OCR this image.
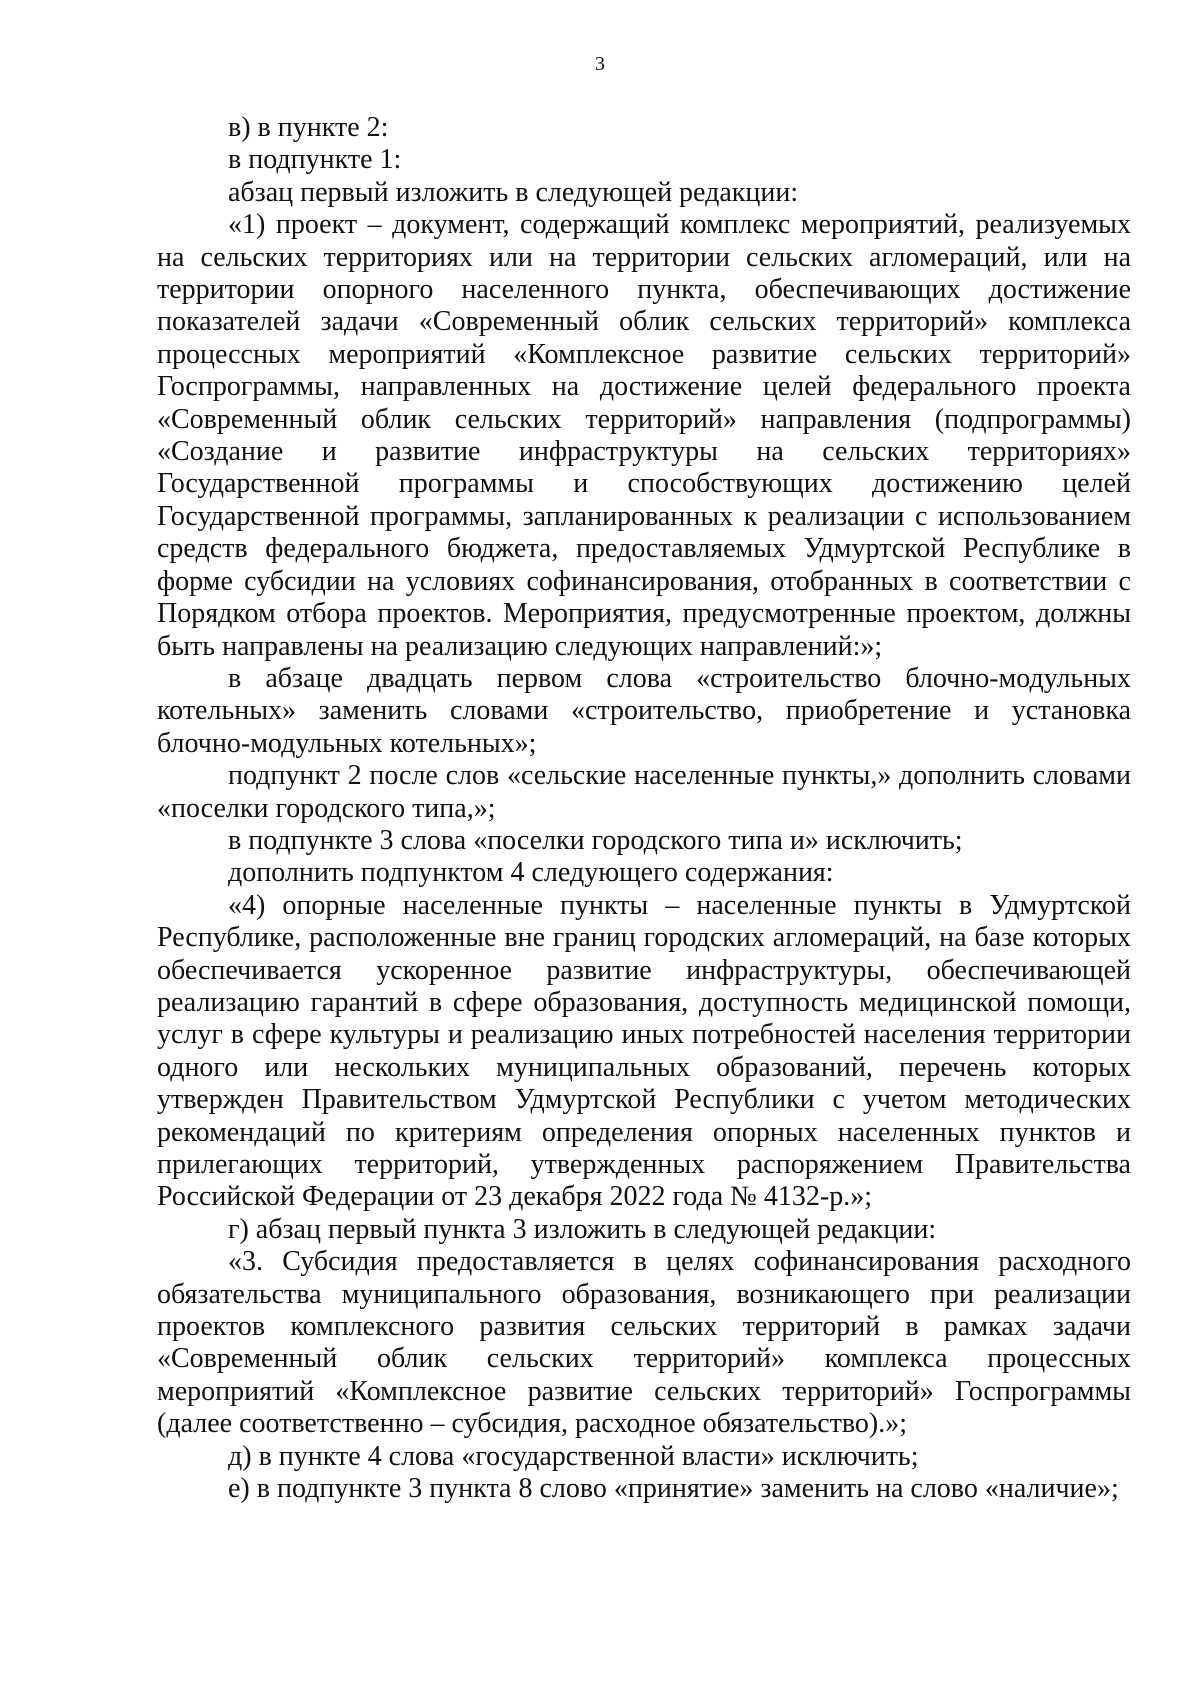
3

в) в пункте 2:

в подпункте 1:

абзац первый изложить в следующей редакции:

«1) проект – документ, содержащий комплекс мероприятий, реализуемых на сельских территориях или на территории сельских агломераций, или на территории опорного населенного пункта, обеспечивающих достижение показателей задачи «Современный облик сельских территорий» комплекса процессных мероприятий «Комплексное развитие сельских территорий» Госпрограммы, направленных на достижение целей федерального проекта «Современный облик сельских территорий» направления (подпрограммы) «Создание и развитие инфраструктуры на сельских территориях» Государственной программы и способствующих достижению целей Государственной программы, запланированных к реализации с использованием средств федерального бюджета, предоставляемых Удмуртской Республике в форме субсидии на условиях софинансирования, отобранных в соответствии с Порядком отбора проектов. Мероприятия, предусмотренные проектом, должны быть направлены на реализацию следующих направлений:»;

в абзаце двадцать первом слова «строительство блочно-модульных котельных» заменить словами «строительство, приобретение и установка блочно-модульных котельных»;

подпункт 2 после слов «сельские населенные пункты,» дополнить словами «поселки городского типа,»;

в подпункте 3 слова «поселки городского типа и» исключить;

дополнить подпунктом 4 следующего содержания:

«4) опорные населенные пункты – населенные пункты в Удмуртской Республике, расположенные вне границ городских агломераций, на базе которых обеспечивается ускоренное развитие инфраструктуры, обеспечивающей реализацию гарантий в сфере образования, доступность медицинской помощи, услуг в сфере культуры и реализацию иных потребностей населения территории одного или нескольких муниципальных образований, перечень которых утвержден Правительством Удмуртской Республики с учетом методических рекомендаций по критериям определения опорных населенных пунктов и прилегающих территорий, утвержденных распоряжением Правительства Российской Федерации от 23 декабря 2022 года № 4132-р.»;

г) абзац первый пункта 3 изложить в следующей редакции:

«3. Субсидия предоставляется в целях софинансирования расходного обязательства муниципального образования, возникающего при реализации проектов комплексного развития сельских территорий в рамках задачи «Современный облик сельских территорий» комплекса процессных мероприятий «Комплексное развитие сельских территорий» Госпрограммы (далее соответственно – субсидия, расходное обязательство).»;

д) в пункте 4 слова «государственной власти» исключить;

е) в подпункте 3 пункта 8 слово «принятие» заменить на слово «наличие»;
